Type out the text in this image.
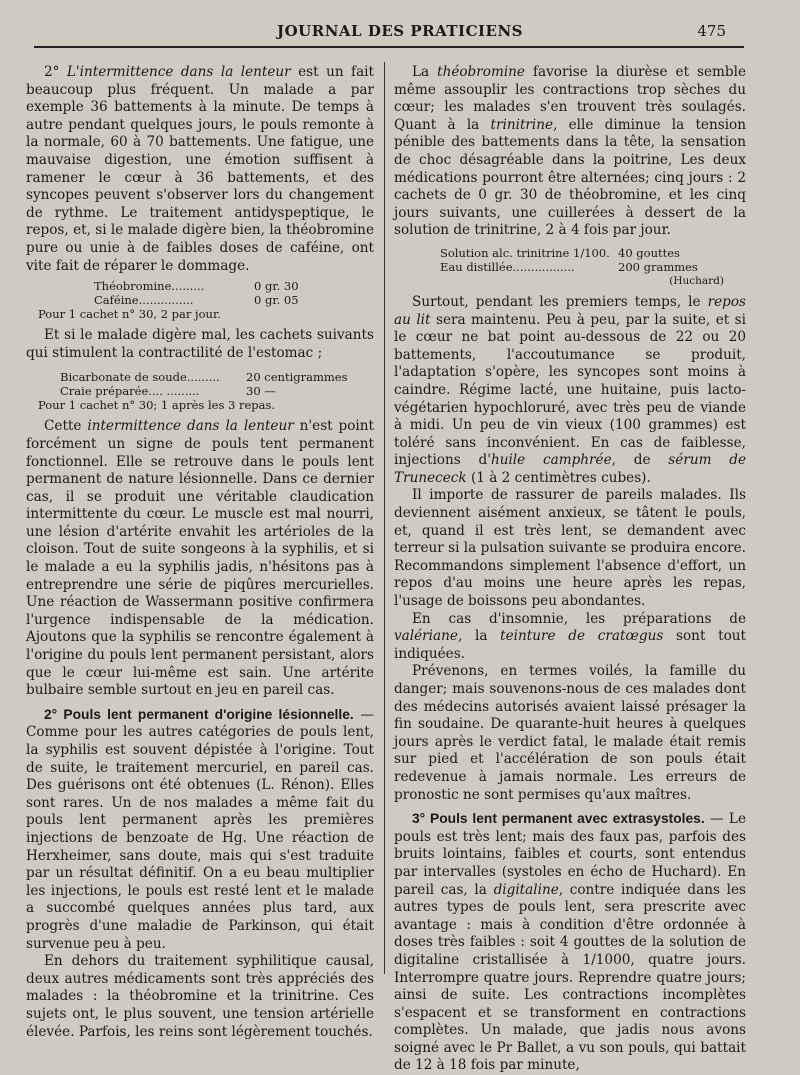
JOURNAL DES PRATICIENS	475

2° L'intermittence dans la lenteur est un fait beaucoup plus fréquent. Un malade a par exemple 36 battements à la minute. De temps à autre pendant quelques jours, le pouls remonte à la normale, 60 à 70 battements. Une fatigue, une mauvaise digestion, une émotion suffisent à ramener le cœur à 36 battements, et des syncopes peuvent s'observer lors du changement de rythme. Le traitement antidyspeptique, le repos, et, si le malade digère bien, la théobromine pure ou unie à de faibles doses de caféine, ont vite fait de réparer le dommage.

Théobromine.........	0 gr. 30
Caféine...............	0 gr. 05
Pour 1 cachet n° 30, 2 par jour.

Et si le malade digère mal, les cachets suivants qui stimulent la contractilité de l'estomac ;

Bicarbonate de soude.........	20 centigrammes
Craie préparée.... .........	30 —
Pour 1 cachet n° 30; 1 après les 3 repas.

Cette intermittence dans la lenteur n'est point forcément un signe de pouls tent permanent fonctionnel. Elle se retrouve dans le pouls lent permanent de nature lésionnelle. Dans ce dernier cas, il se produit une véritable claudication intermittente du cœur. Le muscle est mal nourri, une lésion d'artérite envahit les artérioles de la cloison. Tout de suite songeons à la syphilis, et si le malade a eu la syphilis jadis, n'hésitons pas à entreprendre une série de piqûres mercurielles. Une réaction de Wassermann positive confirmera l'urgence indispensable de la médication. Ajoutons que la syphilis se rencontre également à l'origine du pouls lent permanent persistant, alors que le cœur lui-même est sain. Une artérite bulbaire semble surtout en jeu en pareil cas.

2° Pouls lent permanent d'origine lésionnelle. — Comme pour les autres catégories de pouls lent, la syphilis est souvent dépistée à l'origine. Tout de suite, le traitement mercuriel, en pareil cas. Des guérisons ont été obtenues (L. Rénon). Elles sont rares. Un de nos malades a même fait du pouls lent permanent après les premières injections de benzoate de Hg. Une réaction de Herxheimer, sans doute, mais qui s'est traduite par un résultat définitif. On a eu beau multiplier les injections, le pouls est resté lent et le malade a succombé quelques années plus tard, aux progrès d'une maladie de Parkinson, qui était survenue peu à peu.

En dehors du traitement syphilitique causal, deux autres médicaments sont très appréciés des malades : la théobromine et la trinitrine. Ces sujets ont, le plus souvent, une tension artérielle élevée. Parfois, les reins sont légèrement touchés.

La théobromine favorise la diurèse et semble même assouplir les contractions trop sèches du cœur; les malades s'en trouvent très soulagés. Quant à la trinitrine, elle diminue la tension pénible des battements dans la tête, la sensation de choc désagréable dans la poitrine, Les deux médications pourront être alternées; cinq jours : 2 cachets de 0 gr. 30 de théobromine, et les cinq jours suivants, une cuillerées à dessert de la solution de trinitrine, 2 à 4 fois par jour.

Solution alc. trinitrine 1/100. 40 gouttes
Eau distillée.................	200 grammes
(Huchard)

Surtout, pendant les premiers temps, le repos au lit sera maintenu. Peu à peu, par la suite, et si le cœur ne bat point au-dessous de 22 ou 20 battements, l'accoutumance se produit, l'adaptation s'opère, les syncopes sont moins à caindre. Régime lacté, une huitaine, puis lacto-végétarien hypochloruré, avec très peu de viande à midi. Un peu de vin vieux (100 grammes) est toléré sans inconvénient. En cas de faiblesse, injections d'huile camphrée, de sérum de Trunececk (1 à 2 centimètres cubes).

Il importe de rassurer de pareils malades. Ils deviennent aisément anxieux, se tâtent le pouls, et, quand il est très lent, se demandent avec terreur si la pulsation suivante se produira encore. Recommandons simplement l'absence d'effort, un repos d'au moins une heure après les repas, l'usage de boissons peu abondantes.

En cas d'insomnie, les préparations de valériane, la teinture de cratœgus sont tout indiquées.

Prévenons, en termes voilés, la famille du danger; mais souvenons-nous de ces malades dont des médecins autorisés avaient laissé présager la fin soudaine. De quarante-huit heures à quelques jours après le verdict fatal, le malade était remis sur pied et l'accélération de son pouls était redevenue à jamais normale. Les erreurs de pronostic ne sont permises qu'aux maîtres.

3° Pouls lent permanent avec extrasystoles. — Le pouls est très lent; mais des faux pas, parfois des bruits lointains, faibles et courts, sont entendus par intervalles (systoles en écho de Huchard). En pareil cas, la digitaline, contre indiquée dans les autres types de pouls lent, sera prescrite avec avantage : mais à condition d'être ordonnée à doses très faibles : soit 4 gouttes de la solution de digitaline cristallisée à 1/1000, quatre jours. Interrompre quatre jours. Reprendre quatre jours; ainsi de suite. Les contractions incomplètes s'espacent et se transforment en contractions complètes. Un malade, que jadis nous avons soigné avec le Pr Ballet, a vu son pouls, qui battait de 12 à 18 fois par minute,
